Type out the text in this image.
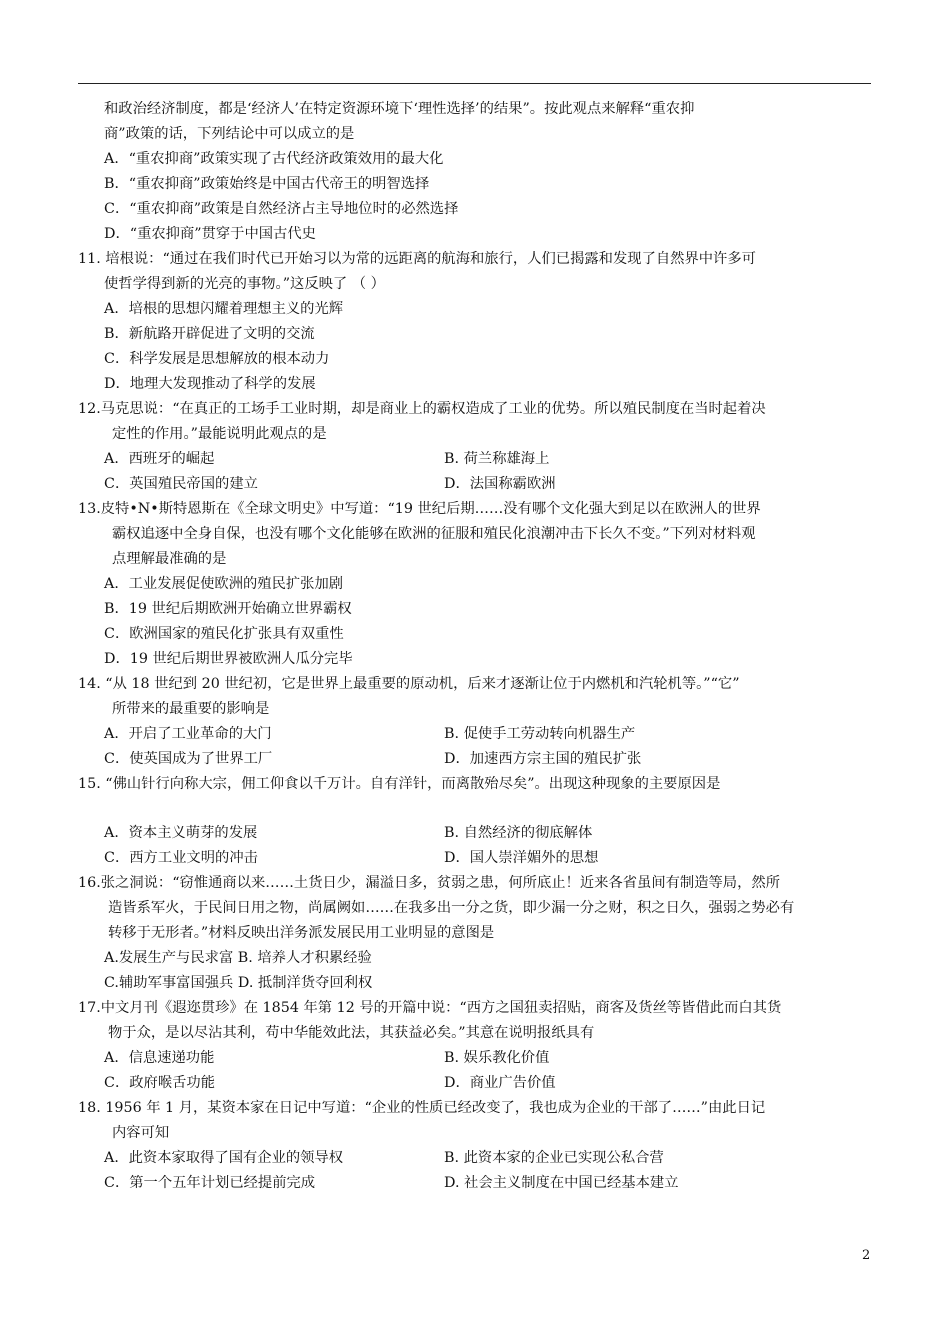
和政治经济制度，都是‘经济人’在特定资源环境下‘理性选择’的结果”。按此观点来解释“重农抑
商”政策的话，下列结论中可以成立的是
A．“重农抑商”政策实现了古代经济政策效用的最大化
B．“重农抑商”政策始终是中国古代帝王的明智选择
C．“重农抑商”政策是自然经济占主导地位时的必然选择
D．“重农抑商”贯穿于中国古代史
11. 培根说：“通过在我们时代已开始习以为常的远距离的航海和旅行，人们已揭露和发现了自然界中许多可
使哲学得到新的光亮的事物。”这反映了 （ ）
A．培根的思想闪耀着理想主义的光辉
B．新航路开辟促进了文明的交流
C．科学发展是思想解放的根本动力
D．地理大发现推动了科学的发展
12.马克思说：“在真正的工场手工业时期，却是商业上的霸权造成了工业的优势。所以殖民制度在当时起着决
定性的作用。”最能说明此观点的是
A．西班牙的崛起	B. 荷兰称雄海上
C．英国殖民帝国的建立	D．法国称霸欧洲
13.皮特•N•斯特恩斯在《全球文明史》中写道：“19 世纪后期……没有哪个文化强大到足以在欧洲人的世界
霸权追逐中全身自保，也没有哪个文化能够在欧洲的征服和殖民化浪潮冲击下长久不变。”下列对材料观
点理解最准确的是
A．工业发展促使欧洲的殖民扩张加剧
B．19 世纪后期欧洲开始确立世界霸权
C．欧洲国家的殖民化扩张具有双重性
D．19 世纪后期世界被欧洲人瓜分完毕
14. “从 18 世纪到 20 世纪初，它是世界上最重要的原动机，后来才逐渐让位于内燃机和汽轮机等。”“它”
所带来的最重要的影响是
A．开启了工业革命的大门	B. 促使手工劳动转向机器生产
C．使英国成为了世界工厂	D．加速西方宗主国的殖民扩张
15. “佛山针行向称大宗，佣工仰食以千万计。自有洋针，而离散殆尽矣”。出现这种现象的主要原因是
A．资本主义萌芽的发展	B. 自然经济的彻底解体
C．西方工业文明的冲击	D．国人崇洋媚外的思想
16.张之洞说：“窃惟通商以来……土货日少，漏溢日多，贫弱之患，何所底止！近来各省虽间有制造等局，然所
造皆系军火，于民间日用之物，尚属阙如……在我多出一分之货，即少漏一分之财，积之日久，强弱之势必有
转移于无形者。”材料反映出洋务派发展民用工业明显的意图是
A.发展生产与民求富 B. 培养人才积累经验
C.辅助军事富国强兵 D. 抵制洋货夺回利权
17.中文月刊《遐迩贯珍》在 1854 年第 12 号的开篇中说：“西方之国狃卖招贴，商客及货丝等皆借此而白其货
物于众，是以尽沾其利，苟中华能效此法，其获益必矣。”其意在说明报纸具有
A．信息速递功能	B. 娱乐教化价值
C．政府喉舌功能	D．商业广告价值
18. 1956 年 1 月，某资本家在日记中写道：“企业的性质已经改变了，我也成为企业的干部了……”由此日记
内容可知
A．此资本家取得了国有企业的领导权	B. 此资本家的企业已实现公私合营
C．第一个五年计划已经提前完成	D. 社会主义制度在中国已经基本建立
2
